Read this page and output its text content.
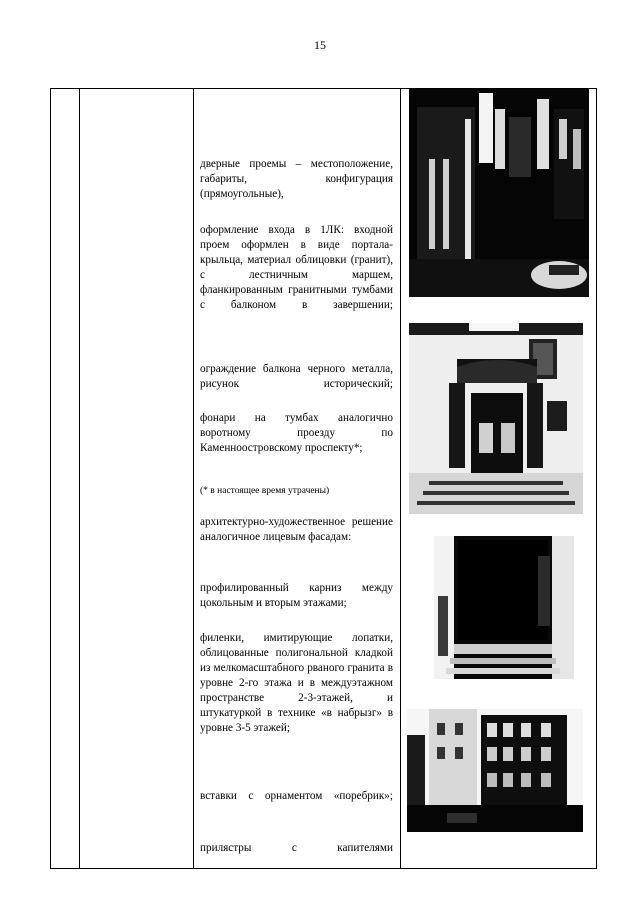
15

дверные проемы – местоположение, габариты, конфигурация (прямоугольные),
оформление входа в 1ЛК: входной проем оформлен в виде портала-крыльца, материал облицовки (гранит), с лестничным маршем, фланкированным гранитными тумбами с балконом в завершении;
ограждение балкона черного металла, рисунок исторический;
фонари на тумбах аналогично воротному проезду по Каменноостровскому проспекту*;
(* в настоящее время утрачены)
архитектурно-художественное решение аналогичное лицевым фасадам:
профилированный карниз между цокольным и вторым этажами;
филенки, имитирующие лопатки, облицованные полигональной кладкой из мелкомасштабного рваного гранита в уровне 2-го этажа и в междуэтажном пространстве 2-3-этажей, и штукатуркой в технике «в набрызг» в уровне 3-5 этажей;
вставки с орнаментом «поребрик»;
прилястры с капителями
